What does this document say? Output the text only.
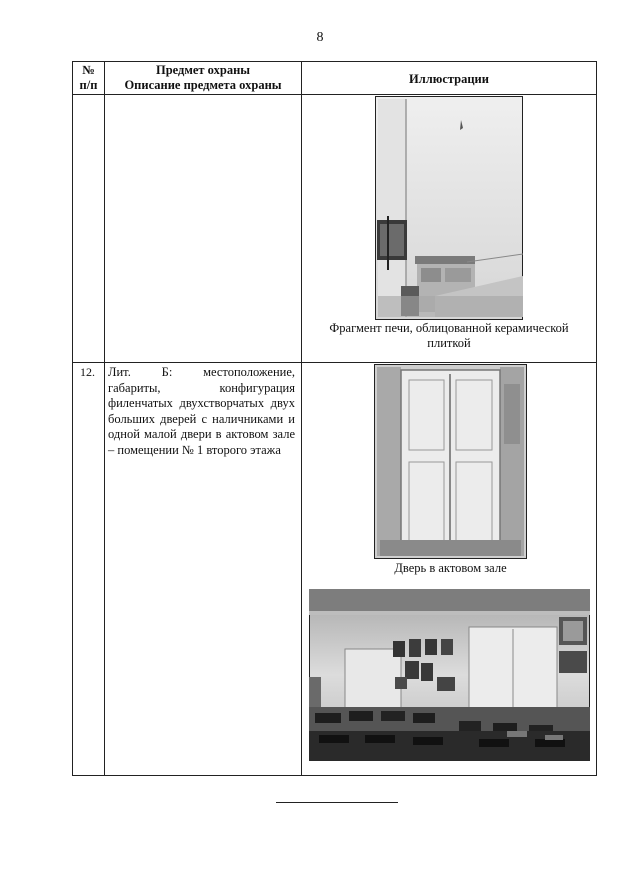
8
№
п/п
Предмет охраны
Описание предмета охраны	Иллюстрации
Фрагмент печи, облицованной керамической плиткой
12. Лит. Б: местоположение, габариты, конфигурация филенчатых двухстворчатых двух больших дверей с наличниками и одной малой двери в актовом зале – помещении № 1 второго этажа
Дверь в актовом зале
